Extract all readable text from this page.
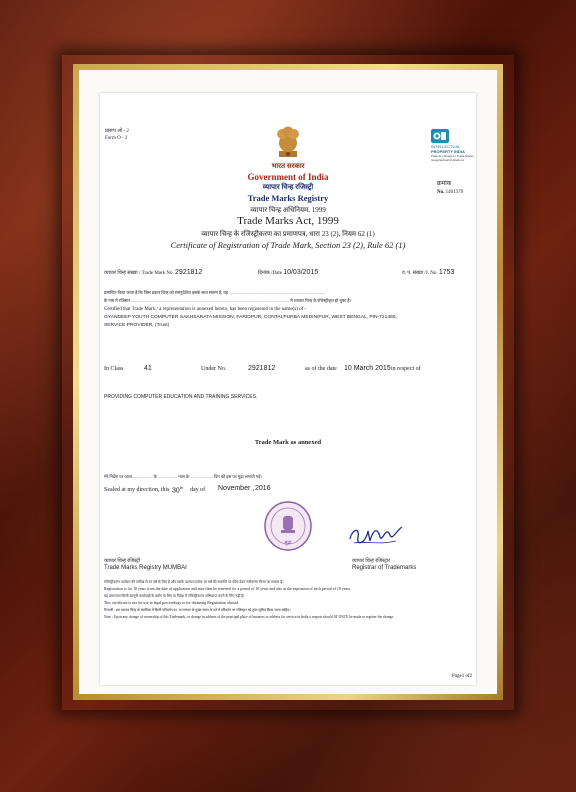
प्रारूप ओ - 2
Form O - 2
INTELLECTUAL
PROPERTY INDIA
Patents | Designs | Trade Marks
Geographical Indications
भारत सरकार
Government of India
व्यापार चिन्ह रजिस्ट्री
Trade Marks Registry
क्रमांक
No. 1401379
व्यापार चिन्ह अधिनियम, 1999
Trade Marks Act, 1999
व्यापार चिन्ह के रजिस्ट्रीकरण का प्रमाणपत्र, धारा 23 (2), नियम 62 (1)
Certificate of Registration of Trade Mark, Section 23 (2), Rule 62 (1)
व्यापार चिन्ह संख्या / Trade Mark No. 2921812	दिनांक /Date 10/03/2015	व. प. संख्या /J. No. 1753
प्रमाणित किया जाता है कि जिस प्रकार चिन्ह को समनुदेशित इसके साथ संलग्न है, वह ............................................................................................
के नाम में रजिस्टर ....................................................................................................................................................... में व्यापार चिन्ह के रजिस्ट्रीकृत हो चुका है।
Certified that Trade Mark / a representation is annexed hereto, has been registered in the name(s) of -
GYANDEEP YOUTH COMPUTER SAKHSARATA MISSION, FARIDPUR, CONTAI,PURBA MEDINIPUR, WEST BENGAL, PIN-721450,
SERVICE PROVIDER, (Trust)
In Class	41	Under No.	2921812	as of the date 10 March 2015 in respect of
PROVIDING COMPUTER EDUCATION AND TRAINING SERVICES.
Trade Mark as annexed
मेरे निर्देश पर आज .................. के .................. मास के ..................... दिन को इस पर मुद्रा लगायी गई।
Sealed at my direction, this 30th day of November , 2016
मुद्रा	OKsy/li
व्यापार चिन्ह रजिस्ट्री
Trade Marks Registry MUMBAI
व्यापार चिन्ह रजिस्ट्रार
Registrar of Trademarks
रजिस्ट्रीकरण आवेदन की तारीख से 10 वर्ष के लिए है और उसके पश्चात प्रत्येक 10 वर्ष की समाप्ति पर फीस देकर नवीकरण किया जा सकता है।
Registration is for 10 years from the date of application and may then be renewed for a period of 10 years and also at the expiration of each period of 10 years.
यह प्रमाणपत्र किसी कानूनी कार्यवाही के प्रयोग के लिए या विदेश में रजिस्ट्रीकरण अभिप्राप्त करने के लिए नहीं है।
This certificate is not for use in legal proceedings or for obtaining Registration abroad.
टिप्पणी : इस व्यापार चिन्ह के स्वामित्व में किसी परिवर्तन पर, या व्यापार के मुख्य स्थान के पते में परिवर्तन पर रजिस्ट्रार को तुरंत सूचित किया जाना चाहिए।
Note : Upon any change of ownership of this Trademark, or change in address of the principal place of business or address for service in India a request should AT ONCE be made to register the change.
Page1 of2
